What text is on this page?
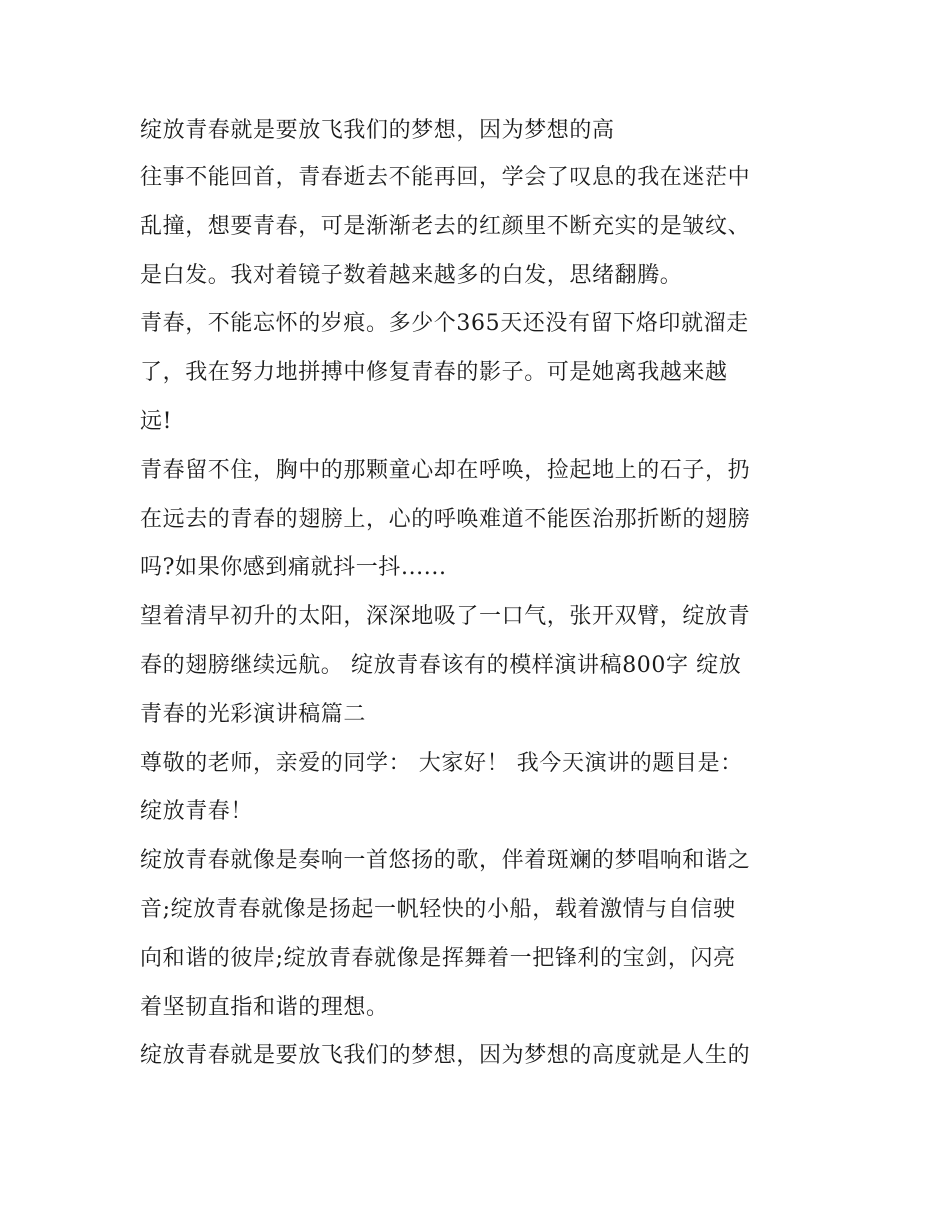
绽放青春就是要放飞我们的梦想，因为梦想的高
往事不能回首，青春逝去不能再回，学会了叹息的我在迷茫中
乱撞，想要青春，可是渐渐老去的红颜里不断充实的是皱纹、
是白发。我对着镜子数着越来越多的白发，思绪翻腾。
青春，不能忘怀的岁痕。多少个365天还没有留下烙印就溜走
了，我在努力地拼搏中修复青春的影子。可是她离我越来越
远!
青春留不住，胸中的那颗童心却在呼唤，捡起地上的石子，扔
在远去的青春的翅膀上，心的呼唤难道不能医治那折断的翅膀
吗?如果你感到痛就抖一抖......
望着清早初升的太阳，深深地吸了一口气，张开双臂，绽放青
春的翅膀继续远航。 绽放青春该有的模样演讲稿800字 绽放
青春的光彩演讲稿篇二
尊敬的老师，亲爱的同学： 大家好！ 我今天演讲的题目是：
绽放青春！
绽放青春就像是奏响一首悠扬的歌，伴着斑斓的梦唱响和谐之
音;绽放青春就像是扬起一帆轻快的小船，载着激情与自信驶
向和谐的彼岸;绽放青春就像是挥舞着一把锋利的宝剑，闪亮
着坚韧直指和谐的理想。
绽放青春就是要放飞我们的梦想，因为梦想的高度就是人生的
